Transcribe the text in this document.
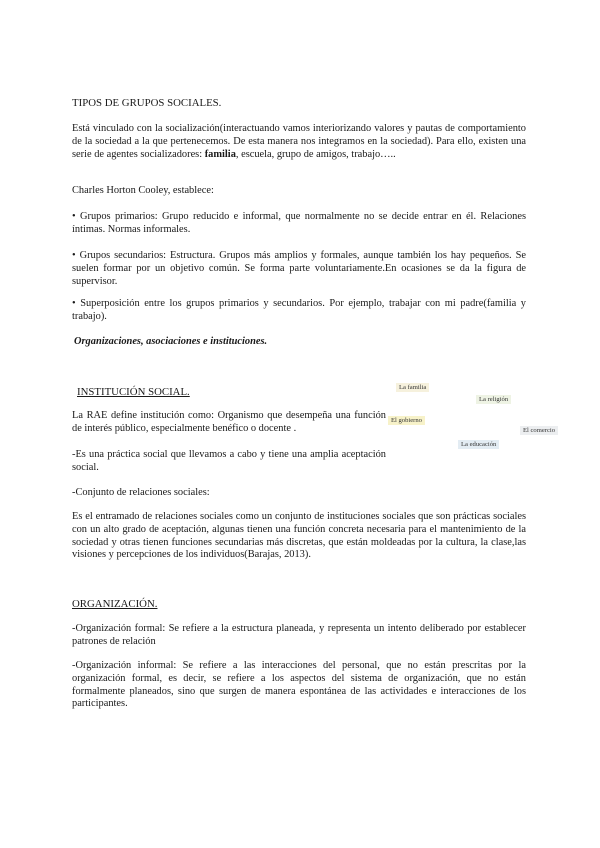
TIPOS DE GRUPOS SOCIALES.
Está vinculado con la socialización(interactuando vamos interiorizando valores y pautas de comportamiento de la sociedad a la que pertenecemos. De esta manera nos integramos en la sociedad). Para ello, existen una serie de agentes socializadores: familia, escuela, grupo de amigos, trabajo…..
Charles Horton Cooley, establece:
• Grupos primarios: Grupo reducido e informal, que normalmente no se decide entrar en él. Relaciones íntimas. Normas informales.
• Grupos secundarios: Estructura. Grupos más amplios y formales, aunque también los hay pequeños. Se suelen formar por un objetivo común. Se forma parte voluntariamente.En ocasiones se da la figura de supervisor.
• Superposición entre los grupos primarios y secundarios. Por ejemplo, trabajar con mi padre(familia y trabajo).
Organizaciones, asociaciones e instituciones.
INSTITUCIÓN SOCIAL.
La RAE define institución como: Organismo que desempeña una función de interés público, especialmente benéfico o docente .
-Es una práctica social que llevamos a cabo y tiene una amplia aceptación social.
-Conjunto de relaciones sociales:
Es el entramado de relaciones sociales como un conjunto de instituciones sociales que son prácticas sociales con un alto grado de aceptación, algunas tienen una función concreta necesaria para el mantenimiento de la sociedad y otras tienen funciones secundarias más discretas, que están moldeadas por la cultura, la clase,las visiones y percepciones de los individuos(Barajas, 2013).
La familia
La religión
El gobierno
El comercio
La educación
ORGANIZACIÓN.
-Organización formal: Se refiere a la estructura planeada, y representa un intento deliberado por establecer patrones de relación
-Organización informal: Se refiere a las interacciones del personal, que no están prescritas por la organización formal, es decir, se refiere a los aspectos del sistema de organización, que no están formalmente planeados, sino que surgen de manera espontánea de las actividades e interacciones de los participantes.
